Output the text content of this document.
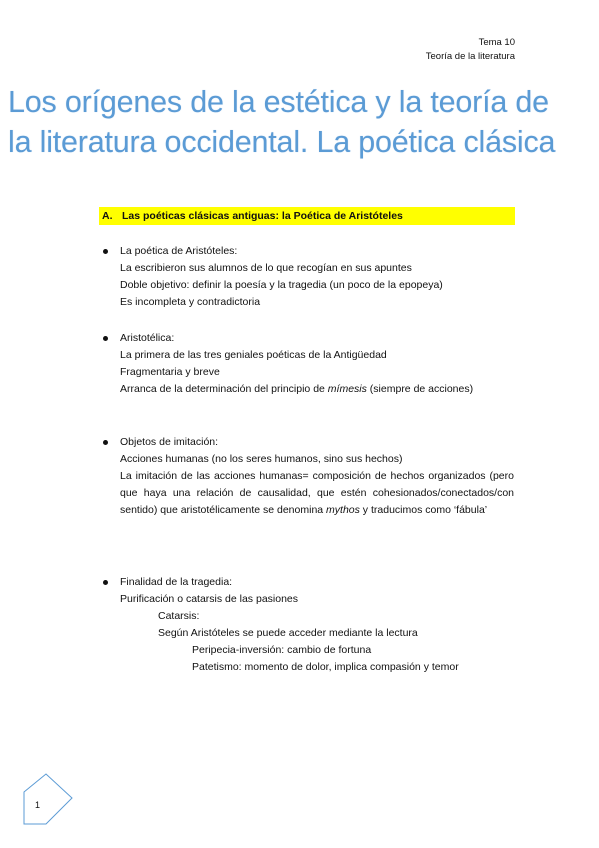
Tema 10
Teoría de la literatura
Los orígenes de la estética y la teoría de
la literatura occidental. La poética clásica
A. Las poéticas clásicas antiguas: la Poética de Aristóteles
La poética de Aristóteles:
La escribieron sus alumnos de lo que recogían en sus apuntes
Doble objetivo: definir la poesía y la tragedia (un poco de la epopeya)
Es incompleta y contradictoria
Aristotélica:
La primera de las tres geniales poéticas de la Antigüedad
Fragmentaria y breve
Arranca de la determinación del principio de mímesis (siempre de acciones)
Objetos de imitación:
Acciones humanas (no los seres humanos, sino sus hechos)
La imitación de las acciones humanas= composición de hechos organizados (pero que haya una relación de causalidad, que estén cohesionados/conectados/con sentido) que aristotélicamente se denomina mythos y traducimos como ‘fábula’
Finalidad de la tragedia:
Purificación o catarsis de las pasiones
Catarsis:
Según Aristóteles se puede acceder mediante la lectura
Peripecia-inversión: cambio de fortuna
Patetismo: momento de dolor, implica compasión y temor
1
